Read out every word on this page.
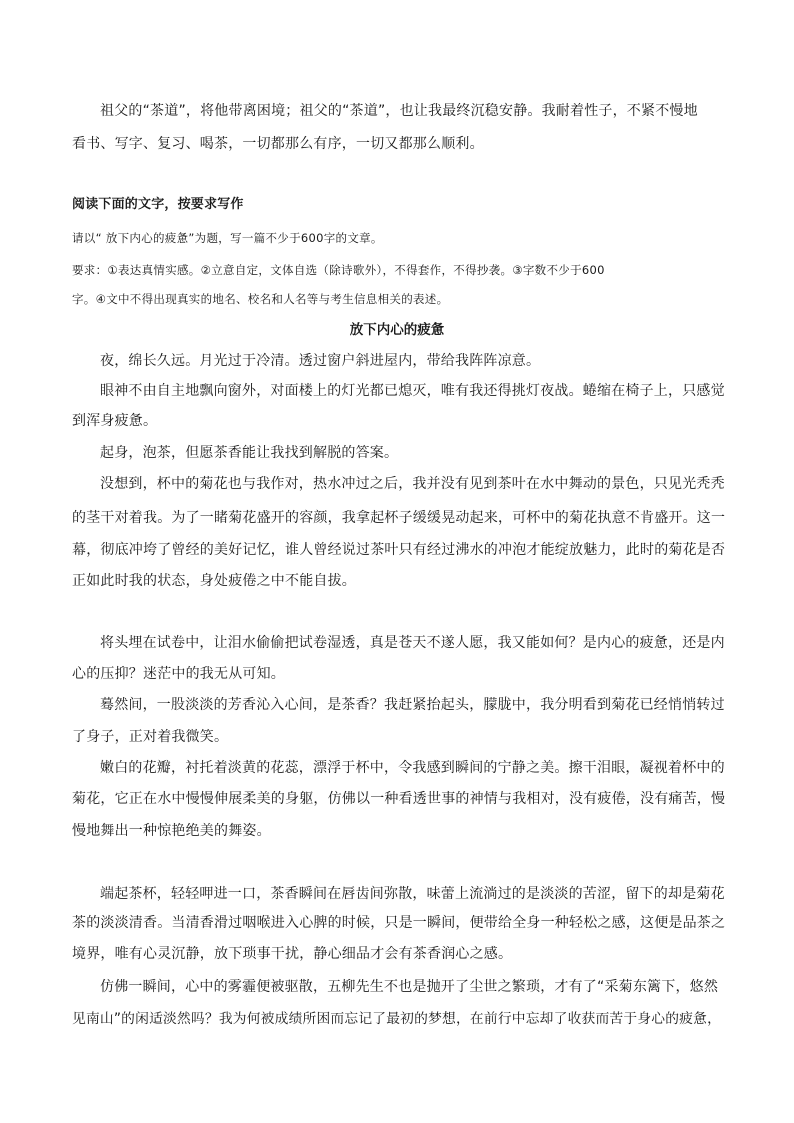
祖父的“茶道”，将他带离困境；祖父的“茶道”，也让我最终沉稳安静。我耐着性子，不紧不慢地
看书、写字、复习、喝茶，一切都那么有序，一切又都那么顺利。
阅读下面的文字，按要求写作
请以“ 放下内心的疲惫”为题，写一篇不少于600字的文章。
要求：①表达真情实感。②立意自定，文体自选（除诗歌外），不得套作，不得抄袭。③字数不少于600
字。④文中不得出现真实的地名、校名和人名等与考生信息相关的表述。
放下内心的疲惫
夜，绵长久远。月光过于冷清。透过窗户斜进屋内，带给我阵阵凉意。
眼神不由自主地飘向窗外，对面楼上的灯光都已熄灭，唯有我还得挑灯夜战。蜷缩在椅子上，只感觉
到浑身疲惫。
起身，泡茶，但愿茶香能让我找到解脱的答案。
没想到，杯中的菊花也与我作对，热水冲过之后，我并没有见到茶叶在水中舞动的景色，只见光秃秃
的茎干对着我。为了一睹菊花盛开的容颜，我拿起杯子缓缓晃动起来，可杯中的菊花执意不肯盛开。这一
幕，彻底冲垮了曾经的美好记忆，谁人曾经说过茶叶只有经过沸水的冲泡才能绽放魅力，此时的菊花是否
正如此时我的状态，身处疲倦之中不能自拔。
将头埋在试卷中，让泪水偷偷把试卷湿透，真是苍天不遂人愿，我又能如何？是内心的疲惫，还是内
心的压抑？迷茫中的我无从可知。
蓦然间，一股淡淡的芳香沁入心间，是茶香？我赶紧抬起头，朦胧中，我分明看到菊花已经悄悄转过
了身子，正对着我微笑。
嫩白的花瓣，衬托着淡黄的花蕊，漂浮于杯中，令我感到瞬间的宁静之美。擦干泪眼，凝视着杯中的
菊花，它正在水中慢慢伸展柔美的身躯，仿佛以一种看透世事的神情与我相对，没有疲倦，没有痛苦，慢
慢地舞出一种惊艳绝美的舞姿。
端起茶杯，轻轻呷进一口，茶香瞬间在唇齿间弥散，味蕾上流淌过的是淡淡的苦涩，留下的却是菊花
茶的淡淡清香。当清香滑过咽喉进入心脾的时候，只是一瞬间，便带给全身一种轻松之感，这便是品茶之
境界，唯有心灵沉静，放下琐事干扰，静心细品才会有茶香润心之感。
仿佛一瞬间，心中的雾霾便被驱散，五柳先生不也是抛开了尘世之繁琐，才有了“采菊东篱下，悠然
见南山”的闲适淡然吗？我为何被成绩所困而忘记了最初的梦想，在前行中忘却了收获而苦于身心的疲惫，
